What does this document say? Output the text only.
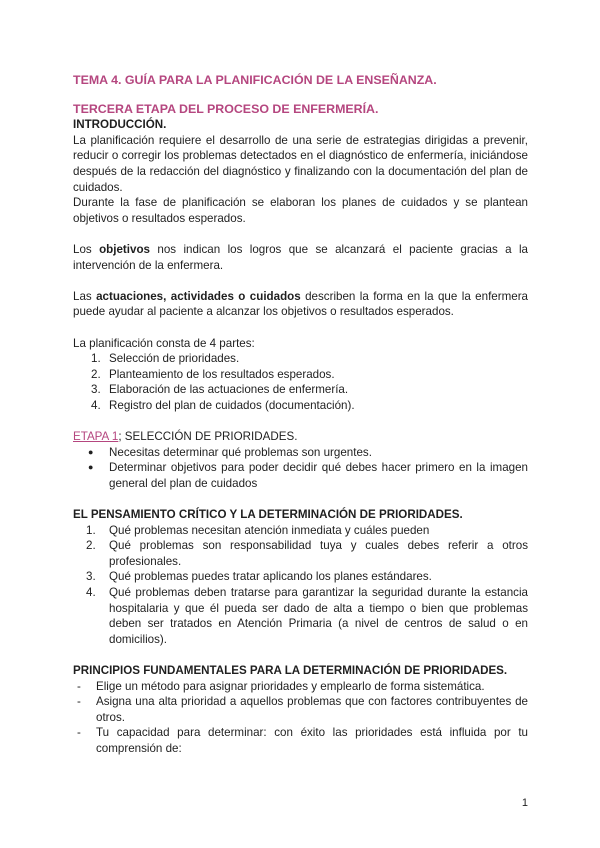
TEMA 4. GUÍA PARA LA PLANIFICACIÓN DE LA ENSEÑANZA.
TERCERA ETAPA DEL PROCESO DE ENFERMERÍA.
INTRODUCCIÓN.

La planificación requiere el desarrollo de una serie de estrategias dirigidas a prevenir, reducir o corregir los problemas detectados en el diagnóstico de enfermería, iniciándose después de la redacción del diagnóstico y finalizando con la documentación del plan de cuidados.

Durante la fase de planificación se elaboran los planes de cuidados y se plantean objetivos o resultados esperados.

Los objetivos nos indican los logros que se alcanzará el paciente gracias a la intervención de la enfermera.

Las actuaciones, actividades o cuidados describen la forma en la que la enfermera puede ayudar al paciente a alcanzar los objetivos o resultados esperados.

La planificación consta de 4 partes:

1. Selección de prioridades.
2. Planteamiento de los resultados esperados.
3. Elaboración de las actuaciones de enfermería.
4. Registro del plan de cuidados (documentación).

ETAPA 1; SELECCIÓN DE PRIORIDADES.

● Necesitas determinar qué problemas son urgentes.
● Determinar objetivos para poder decidir qué debes hacer primero en la imagen general del plan de cuidados
EL PENSAMIENTO CRÍTICO Y LA DETERMINACIÓN DE PRIORIDADES.
1. Qué problemas necesitan atención inmediata y cuáles pueden
2. Qué problemas son responsabilidad tuya y cuales debes referir a otros profesionales.
3. Qué problemas puedes tratar aplicando los planes estándares.
4. Qué problemas deben tratarse para garantizar la seguridad durante la estancia hospitalaria y que él pueda ser dado de alta a tiempo o bien que problemas deben ser tratados en Atención Primaria (a nivel de centros de salud o en domicilios).
PRINCIPIOS FUNDAMENTALES PARA LA DETERMINACIÓN DE PRIORIDADES.
- Elige un método para asignar prioridades y emplearlo de forma sistemática.
- Asigna una alta prioridad a aquellos problemas que con factores contribuyentes de otros.
- Tu capacidad para determinar: con éxito las prioridades está influida por tu comprensión de:
1
